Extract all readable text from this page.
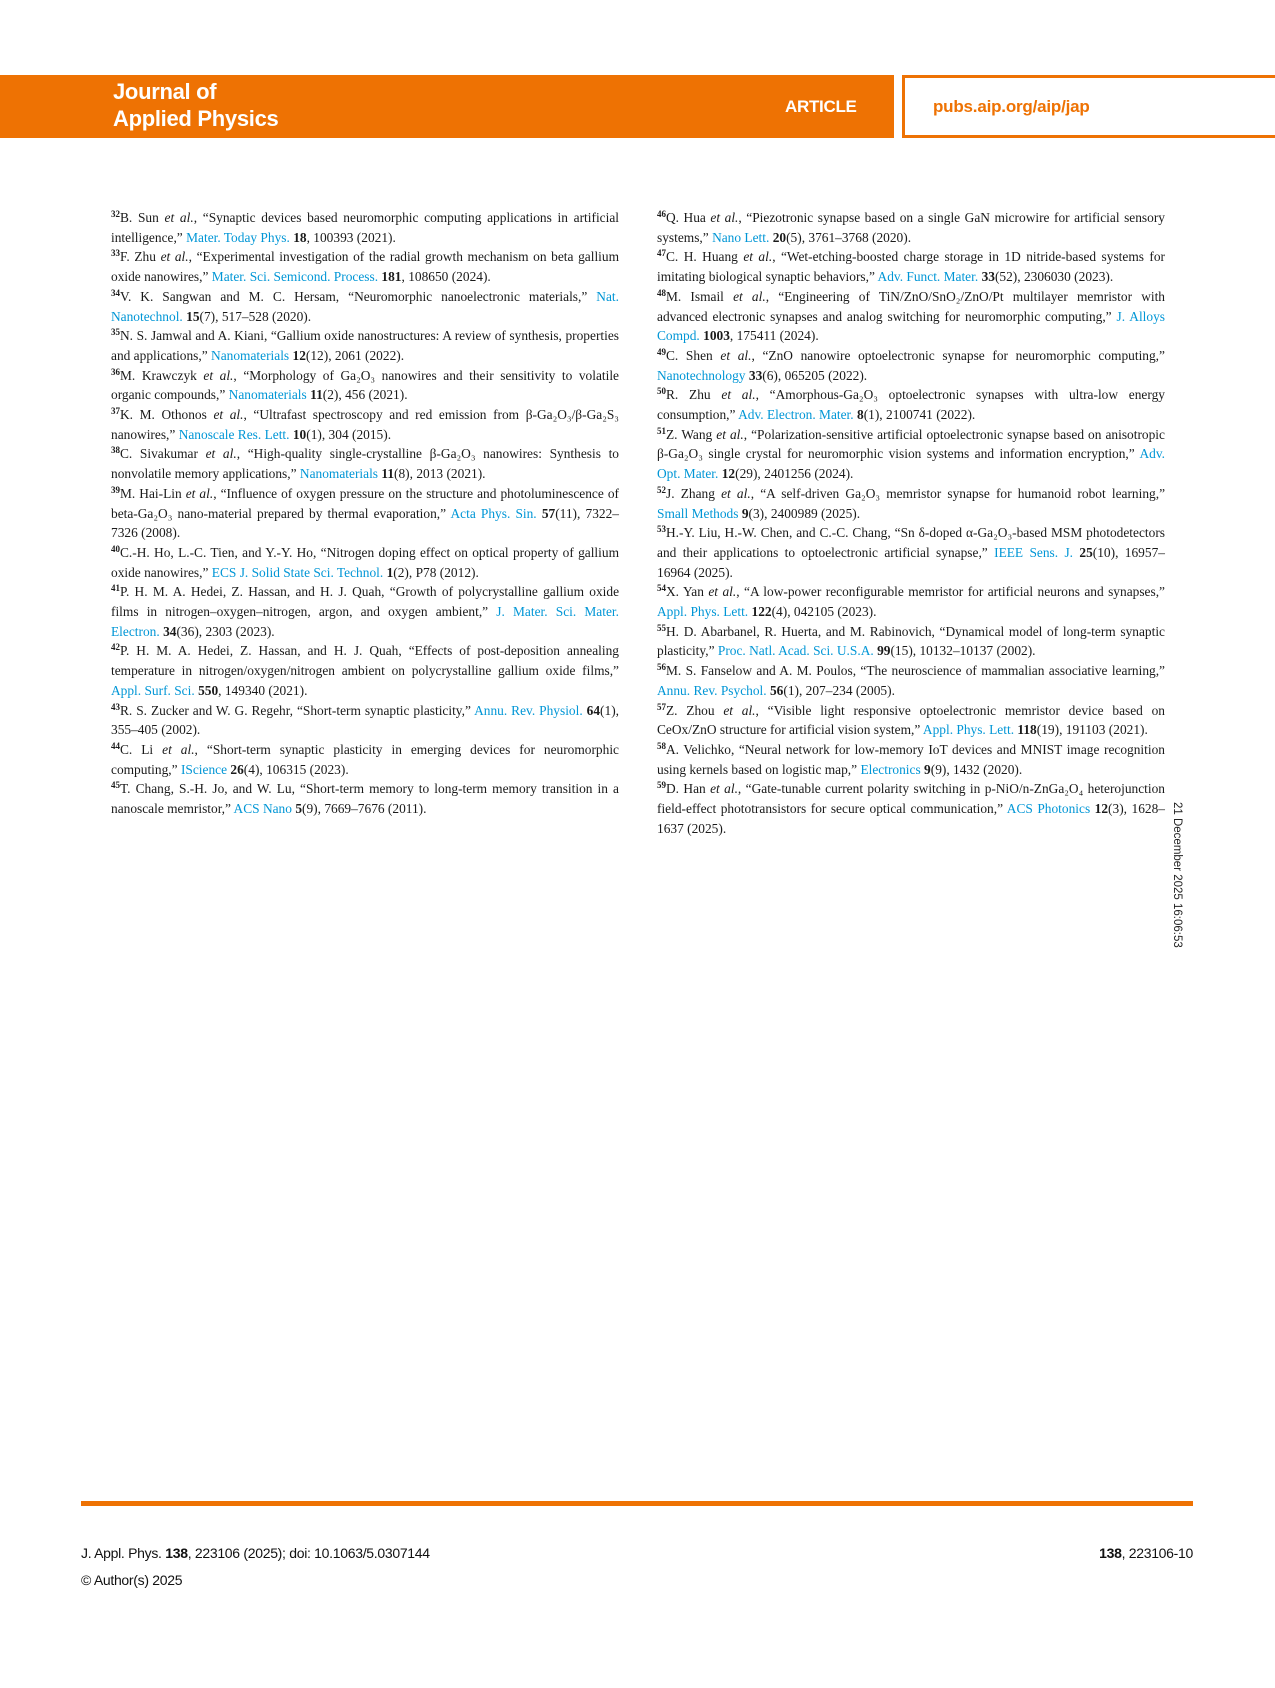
Journal of
Applied Physics	ARTICLE	pubs.aip.org/aip/jap

$^{32}$B. Sun et al., “Synaptic devices based neuromorphic computing applications in artificial intelligence,” Mater. Today Phys. 18, 100393 (2021).

$^{33}$F. Zhu et al., “Experimental investigation of the radial growth mechanism on beta gallium oxide nanowires,” Mater. Sci. Semicond. Process. 181, 108650 (2024).

$^{34}$V. K. Sangwan and M. C. Hersam, “Neuromorphic nanoelectronic materials,” Nat. Nanotechnol. 15(7), 517–528 (2020).

$^{35}$N. S. Jamwal and A. Kiani, “Gallium oxide nanostructures: A review of synthesis, properties and applications,” Nanomaterials 12(12), 2061 (2022).

$^{36}$M. Krawczyk et al., “Morphology of Ga₂O₃ nanowires and their sensitivity to volatile organic compounds,” Nanomaterials 11(2), 456 (2021).

$^{37}$K. M. Othonos et al., “Ultrafast spectroscopy and red emission from β-Ga₂O₃/β-Ga₂S₃ nanowires,” Nanoscale Res. Lett. 10(1), 304 (2015).

$^{38}$C. Sivakumar et al., “High-quality single-crystalline β-Ga₂O₃ nanowires: Synthesis to nonvolatile memory applications,” Nanomaterials 11(8), 2013 (2021).

$^{39}$M. Hai-Lin et al., “Influence of oxygen pressure on the structure and photoluminescence of beta-Ga₂O₃ nano-material prepared by thermal evaporation,” Acta Phys. Sin. 57(11), 7322–7326 (2008).

$^{40}$C.-H. Ho, L.-C. Tien, and Y.-Y. Ho, “Nitrogen doping effect on optical property of gallium oxide nanowires,” ECS J. Solid State Sci. Technol. 1(2), P78 (2012).

$^{41}$P. H. M. A. Hedei, Z. Hassan, and H. J. Quah, “Growth of polycrystalline gallium oxide films in nitrogen–oxygen–nitrogen, argon, and oxygen ambient,” J. Mater. Sci. Mater. Electron. 34(36), 2303 (2023).

$^{42}$P. H. M. A. Hedei, Z. Hassan, and H. J. Quah, “Effects of post-deposition annealing temperature in nitrogen/oxygen/nitrogen ambient on polycrystalline gallium oxide films,” Appl. Surf. Sci. 550, 149340 (2021).

$^{43}$R. S. Zucker and W. G. Regehr, “Short-term synaptic plasticity,” Annu. Rev. Physiol. 64(1), 355–405 (2002).

$^{44}$C. Li et al., “Short-term synaptic plasticity in emerging devices for neuromorphic computing,” IScience 26(4), 106315 (2023).

$^{45}$T. Chang, S.-H. Jo, and W. Lu, “Short-term memory to long-term memory transition in a nanoscale memristor,” ACS Nano 5(9), 7669–7676 (2011).

$^{46}$Q. Hua et al., “Piezotronic synapse based on a single GaN microwire for artificial sensory systems,” Nano Lett. 20(5), 3761–3768 (2020).

$^{47}$C. H. Huang et al., “Wet-etching-boosted charge storage in 1D nitride-based systems for imitating biological synaptic behaviors,” Adv. Funct. Mater. 33(52), 2306030 (2023).

$^{48}$M. Ismail et al., “Engineering of TiN/ZnO/SnO₂/ZnO/Pt multilayer memristor with advanced electronic synapses and analog switching for neuromorphic computing,” J. Alloys Compd. 1003, 175411 (2024).

$^{49}$C. Shen et al., “ZnO nanowire optoelectronic synapse for neuromorphic computing,” Nanotechnology 33(6), 065205 (2022).

$^{50}$R. Zhu et al., “Amorphous-Ga₂O₃ optoelectronic synapses with ultra-low energy consumption,” Adv. Electron. Mater. 8(1), 2100741 (2022).

$^{51}$Z. Wang et al., “Polarization-sensitive artificial optoelectronic synapse based on anisotropic β-Ga₂O₃ single crystal for neuromorphic vision systems and information encryption,” Adv. Opt. Mater. 12(29), 2401256 (2024).

$^{52}$J. Zhang et al., “A self-driven Ga₂O₃ memristor synapse for humanoid robot learning,” Small Methods 9(3), 2400989 (2025).

$^{53}$H.-Y. Liu, H.-W. Chen, and C.-C. Chang, “Sn δ-doped α-Ga₂O₃-based MSM photodetectors and their applications to optoelectronic artificial synapse,” IEEE Sens. J. 25(10), 16957–16964 (2025).

$^{54}$X. Yan et al., “A low-power reconfigurable memristor for artificial neurons and synapses,” Appl. Phys. Lett. 122(4), 042105 (2023).

$^{55}$H. D. Abarbanel, R. Huerta, and M. Rabinovich, “Dynamical model of long-term synaptic plasticity,” Proc. Natl. Acad. Sci. U.S.A. 99(15), 10132–10137 (2002).

$^{56}$M. S. Fanselow and A. M. Poulos, “The neuroscience of mammalian associative learning,” Annu. Rev. Psychol. 56(1), 207–234 (2005).

$^{57}$Z. Zhou et al., “Visible light responsive optoelectronic memristor device based on CeOx/ZnO structure for artificial vision system,” Appl. Phys. Lett. 118(19), 191103 (2021).

$^{58}$A. Velichko, “Neural network for low-memory IoT devices and MNIST image recognition using kernels based on logistic map,” Electronics 9(9), 1432 (2020).

$^{59}$D. Han et al., “Gate-tunable current polarity switching in p-NiO/n-ZnGa₂O₄ heterojunction field-effect phototransistors for secure optical communication,” ACS Photonics 12(3), 1628–1637 (2025).	21 December 2025 16:06:53
J. Appl. Phys. 138, 223106 (2025); doi: 10.1063/5.0307144
© Author(s) 2025
138, 223106-10
